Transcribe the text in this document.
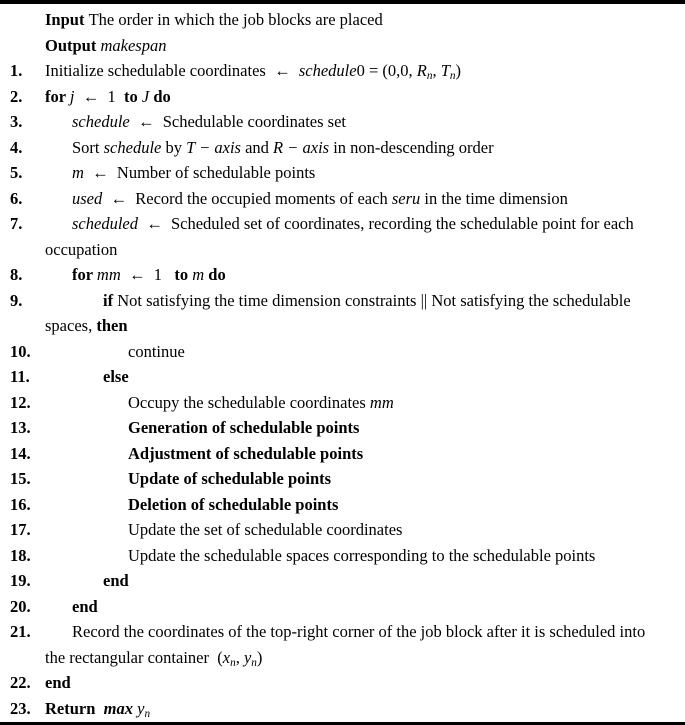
Input The order in which the job blocks are placed
Output makespan
1. Initialize schedulable coordinates  ←  schedule0 = (0,0, Rn, Tn)
2. for j  ←  1  to J do
3.	schedule  ←  Schedulable coordinates set
4.	Sort schedule by T − axis and R − axis in non-descending order
5.	m  ←  Number of schedulable points
6.	used  ←  Record the occupied moments of each seru in the time dimension
7.	scheduled  ←  Scheduled set of coordinates, recording the schedulable point for each
occupation
8.	for mm  ←  1   to m do
9.	if Not satisfying the time dimension constraints || Not satisfying the schedulable
spaces, then
10.	continue
11.	else
12.	Occupy the schedulable coordinates mm
13.	Generation of schedulable points
14.	Adjustment of schedulable points
15.	Update of schedulable points
16.	Deletion of schedulable points
17.	Update the set of schedulable coordinates
18.	Update the schedulable spaces corresponding to the schedulable points
19.	end
20.	end
21.	Record the coordinates of the top-right corner of the job block after it is scheduled into
the rectangular container  (xn, yn)
22. end
23. Return  max yn
